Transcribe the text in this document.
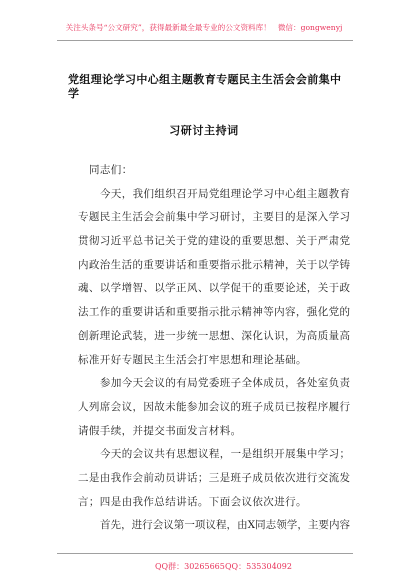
关注头条号“公文研究”，获得最新最全最专业的公文资料库！ 微信：gongwenyj
党组理论学习中心组主题教育专题民主生活会会前集中学
习研讨主持词
同志们：
今天，我们组织召开局党组理论学习中心组主题教育
专题民主生活会会前集中学习研讨，主要目的是深入学习
贯彻习近平总书记关于党的建设的重要思想、关于严肃党
内政治生活的重要讲话和重要指示批示精神，关于以学铸
魂、以学增智、以学正风、以学促干的重要论述，关于政
法工作的重要讲话和重要指示批示精神等内容，强化党的
创新理论武装，进一步统一思想、深化认识，为高质量高
标准开好专题民主生活会打牢思想和理论基础。
参加今天会议的有局党委班子全体成员，各处室负责
人列席会议，因故未能参加会议的班子成员已按程序履行
请假手续，并提交书面发言材料。
今天的会议共有思想议程，一是组织开展集中学习；
二是由我作会前动员讲话；三是班子成员依次进行交流发
言；四是由我作总结讲话。下面会议依次进行。
首先，进行会议第一项议程，由X同志领学，主要内容
QQ群：30265665 QQ：535304092
